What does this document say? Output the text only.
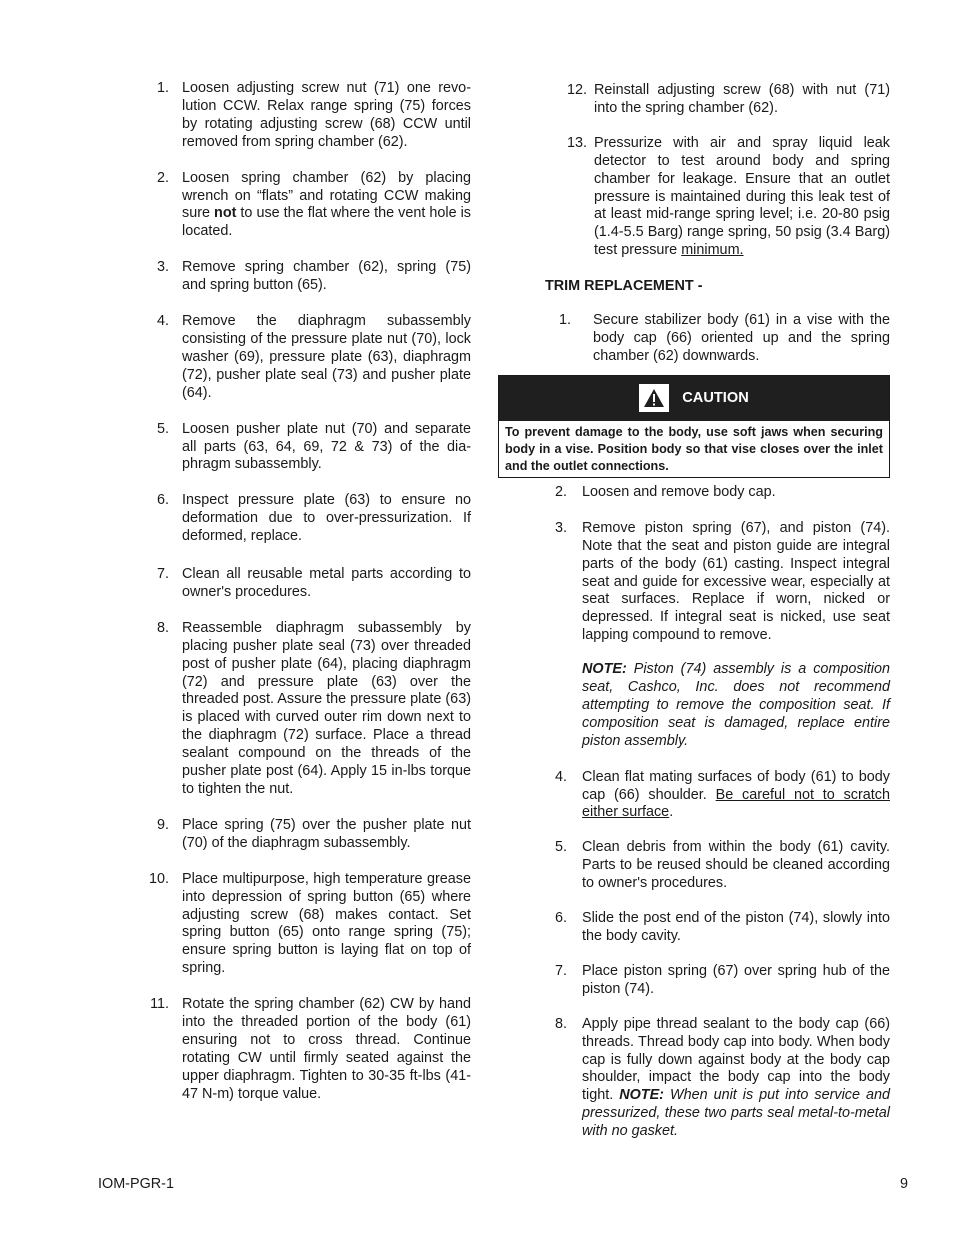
1. Loosen adjusting screw nut (71) one revolution CCW. Relax range spring (75) forces by rotating adjusting screw (68) CCW until removed from spring chamber (62).
2. Loosen spring chamber (62) by placing wrench on “flats” and rotating CCW making sure not to use the flat where the vent hole is located.
3. Remove spring chamber (62), spring (75) and spring button (65).
4. Remove the diaphragm subassembly consisting of the pressure plate nut (70), lock washer (69), pressure plate (63), diaphragm (72), pusher plate seal (73) and pusher plate (64).
5. Loosen pusher plate nut (70) and separate all parts (63, 64, 69, 72 & 73) of the diaphragm subassembly.
6. Inspect pressure plate (63) to ensure no deformation due to over-pressurization. If deformed, replace.
7. Clean all reusable metal parts according to owner's procedures.
8. Reassemble diaphragm subassembly by placing pusher plate seal (73) over threaded post of pusher plate (64), placing diaphragm (72) and pressure plate (63) over the threaded post. Assure the pressure plate (63) is placed with curved outer rim down next to the diaphragm (72) surface. Place a thread sealant compound on the threads of the pusher plate post (64). Apply 15 in-lbs torque to tighten the nut.
9. Place spring (75) over the pusher plate nut (70) of the diaphragm subassembly.
10. Place multipurpose, high temperature grease into depression of spring button (65) where adjusting screw (68) makes contact. Set spring button (65) onto range spring (75); ensure spring button is laying flat on top of spring.
11. Rotate the spring chamber (62) CW by hand into the threaded portion of the body (61) ensuring not to cross thread. Continue rotating CW until firmly seated against the upper diaphragm. Tighten to 30-35 ft-lbs (41-47 N-m) torque value.
12. Reinstall adjusting screw (68) with nut (71) into the spring chamber (62).
13. Pressurize with air and spray liquid leak detector to test around body and spring chamber for leakage. Ensure that an outlet pressure is maintained during this leak test of at least mid-range spring level; i.e. 20-80 psig (1.4-5.5 Barg) range spring, 50 psig (3.4 Barg) test pressure minimum.
TRIM REPLACEMENT -
1.	Secure stabilizer body (61) in a vise with the body cap (66) oriented up and the spring chamber (62) downwards.
CAUTION
To prevent damage to the body, use soft jaws when securing body in a vise. Position body so that vise closes over the inlet and the outlet connections.
2.	Loosen and remove body cap.
3.	Remove piston spring (67), and piston (74). Note that the seat and piston guide are integral parts of the body (61) casting. Inspect integral seat and guide for excessive wear, especially at seat surfaces. Replace if worn, nicked or depressed. If integral seat is nicked, use seat lapping compound to remove.
NOTE: Piston (74) assembly is a composition seat, Cashco, Inc. does not recommend attempting to remove the composition seat. If composition seat is damaged, replace entire piston assembly.
4.	Clean flat mating surfaces of body (61) to body cap (66) shoulder. Be careful not to scratch either surface.
5.	Clean debris from within the body (61) cavity. Parts to be reused should be cleaned according to owner's procedures.
6.	Slide the post end of the piston (74), slowly into the body cavity.
7.	Place piston spring (67) over spring hub of the piston (74).
8.	Apply pipe thread sealant to the body cap (66) threads. Thread body cap into body. When body cap is fully down against body at the body cap shoulder, impact the body cap into the body tight. NOTE: When unit is put into service and pressurized, these two parts seal metal-to-metal with no gasket.
IOM-PGR-1	9
